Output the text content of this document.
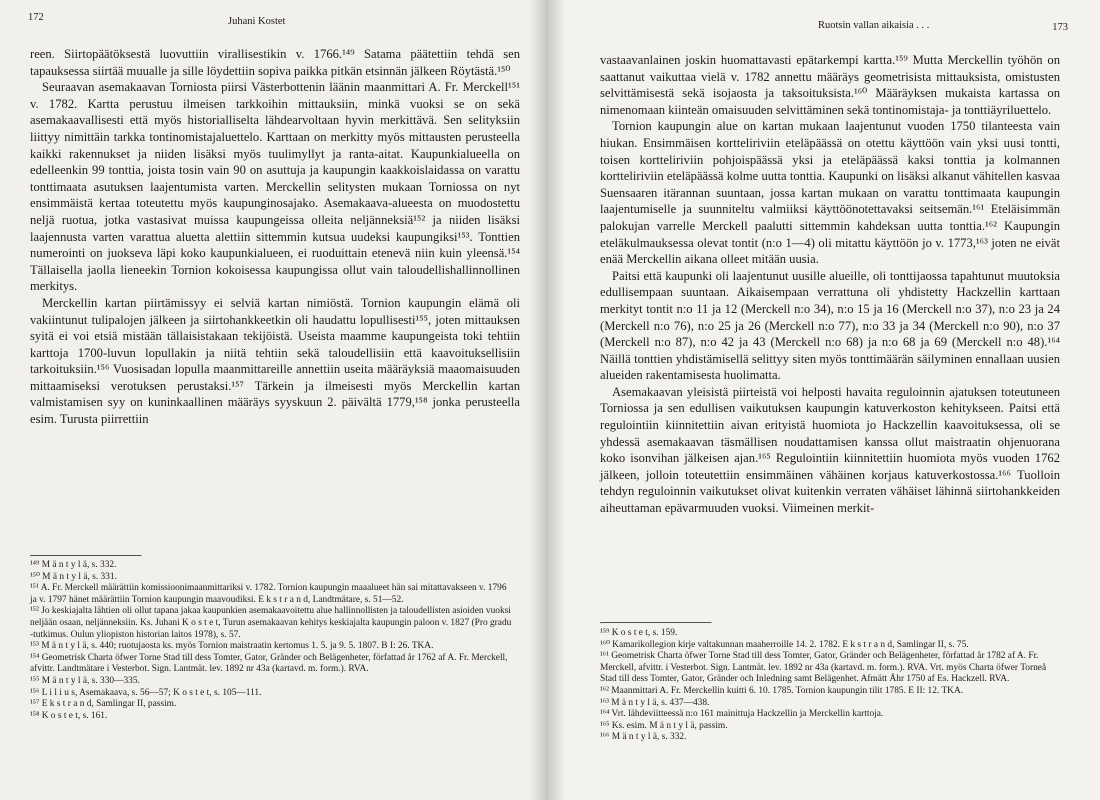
172	Juhani Kostet

reen. Siirtopäätöksestä luovuttiin virallisestikin v. 1766.¹⁴⁹ Satama päätettiin tehdä sen tapauksessa siirtää muualle ja sille löydettiin sopiva paikka pitkän etsinnän jälkeen Röytästä.¹⁵⁰

Seuraavan asemakaavan Torniosta piirsi Västerbottenin läänin maanmittari A. Fr. Merckell¹⁵¹ v. 1782. Kartta perustuu ilmeisen tarkkoihin mittauksiin, minkä vuoksi se on sekä asemakaavallisesti että myös historialliselta lähdearvoltaan hyvin merkittävä. Sen selityksiin liittyy nimittäin tarkka tontinomistajaluettelo. Karttaan on merkitty myös mittausten perusteella kaikki rakennukset ja niiden lisäksi myös tuulimyllyt ja ranta-aitat. Kaupunkialueella on edelleenkin 99 tonttia, joista tosin vain 90 on asuttuja ja kaupungin kaakkoislaidassa on varattu tonttimaata asutuksen laajentumista varten. Merckellin selitysten mukaan Torniossa on nyt ensimmäistä kertaa toteutettu myös kaupunginosajako. Asemakaava-alueesta on muodostettu neljä ruotua, jotka vastasivat muissa kaupungeissa olleita neljänneksiä¹⁵² ja niiden lisäksi laajennusta varten varattua aluetta alettiin sittemmin kutsua uudeksi kaupungiksi¹⁵³. Tonttien numerointi on juokseva läpi koko kaupunkialueen, ei ruoduittain etenevä niin kuin yleensä.¹⁵⁴ Tällaisella jaolla lieneekin Tornion kokoisessa kaupungissa ollut vain taloudellishallinnollinen merkitys.

Merckellin kartan piirtämissyy ei selviä kartan nimiöstä. Tornion kaupungin elämä oli vakiintunut tulipalojen jälkeen ja siirtohankkeetkin oli haudattu lopullisesti¹⁵⁵, joten mittauksen syitä ei voi etsiä mistään tällaisistakaan tekijöistä. Useista maamme kaupungeista toki tehtiin karttoja 1700-luvun lopullakin ja niitä tehtiin sekä taloudellisiin että kaavoituksellisiin tarkoituksiin.¹⁵⁶ Vuosisadan lopulla maanmittareille annettiin useita määräyksiä maaomaisuuden mittaamiseksi verotuksen perustaksi.¹⁵⁷ Tärkein ja ilmeisesti myös Merckellin kartan valmistamisen syy on kuninkaallinen määräys syyskuun 2. päivältä 1779,¹⁵⁸ jonka perusteella esim. Turusta piirrettiin

¹⁴⁹ M ä n t y l ä, s. 332.

¹⁵⁰ M ä n t y l ä, s. 331.

¹⁵¹ A. Fr. Merckell määrättiin komissioonimaanmittariksi v. 1782. Tornion kaupungin maaalueet hän sai mitattavakseen v. 1796 ja v. 1797 hänet määrättiin Tornion kaupungin maavoudiksi. E k s t r a n d, Landtmätare, s. 51—52.

¹⁵² Jo keskiajalta lähtien oli ollut tapana jakaa kaupunkien asemakaavoitettu alue hallinnollisten ja taloudellisten asioiden vuoksi neljään osaan, neljänneksiin. Ks. Juhani K o s t e t, Turun asemakaavan kehitys keskiajalta kaupungin paloon v. 1827 (Pro gradu -tutkimus. Oulun yliopiston historian laitos 1978), s. 57.

¹⁵³ M ä n t y l ä, s. 440; ruotujaosta ks. myös Tornion maistraatin kertomus 1. 5. ja 9. 5. 1807. B I: 26. TKA.

¹⁵⁴ Geometrisk Charta öfwer Torne Stad till dess Tomter, Gator, Gränder och Belägenheter, författad år 1762 af A. Fr. Merckell, afvittr. Landtmätare i Vesterbot. Sign. Lantmät. lev. 1892 nr 43a (kartavd. m. form.). RVA.

¹⁵⁵ M ä n t y l ä, s. 330—335.

¹⁵⁶ L i l i u s, Asemakaava, s. 56—57; K o s t e t, s. 105—111.

¹⁵⁷ E k s t r a n d, Samlingar II, passim.

¹⁵⁸ K o s t e t, s. 161.

Ruotsin vallan aikaisia . . .	173

vastaavanlainen joskin huomattavasti epätarkempi kartta.¹⁵⁹ Mutta Merckellin työhön on saattanut vaikuttaa vielä v. 1782 annettu määräys geometrisista mittauksista, omistusten selvittämisestä sekä isojaosta ja taksoituksista.¹⁶⁰ Määräyksen mukaista kartassa on nimenomaan kiinteän omaisuuden selvittäminen sekä tontinomistaja- ja tonttiäyriluettelo.

Tornion kaupungin alue on kartan mukaan laajentunut vuoden 1750 tilanteesta vain hiukan. Ensimmäisen kortteliriviin eteläpäässä on otettu käyttöön vain yksi uusi tontti, toisen kortteliriviin pohjoispäässä yksi ja eteläpäässä kaksi tonttia ja kolmannen kortteliriviin eteläpäässä kolme uutta tonttia. Kaupunki on lisäksi alkanut vähitellen kasvaa Suensaaren itärannan suuntaan, jossa kartan mukaan on varattu tonttimaata kaupungin laajentumiselle ja suunniteltu valmiiksi käyttöönotettavaksi seitsemän.¹⁶¹ Eteläisimmän palokujan varrelle Merckell paalutti sittemmin kahdeksan uutta tonttia.¹⁶² Kaupungin eteläkulmauksessa olevat tontit (n:o 1—4) oli mitattu käyttöön jo v. 1773,¹⁶³ joten ne eivät enää Merckellin aikana olleet mitään uusia.

Paitsi että kaupunki oli laajentunut uusille alueille, oli tonttijaossa tapahtunut muutoksia edullisempaan suuntaan. Aikaisempaan verrattuna oli yhdistetty Hackzellin karttaan merkityt tontit n:o 11 ja 12 (Merckell n:o 34), n:o 15 ja 16 (Merckell n:o 37), n:o 23 ja 24 (Merckell n:o 76), n:o 25 ja 26 (Merckell n:o 77), n:o 33 ja 34 (Merckell n:o 90), n:o 37 (Merckell n:o 87), n:o 42 ja 43 (Merckell n:o 68) ja n:o 68 ja 69 (Merckell n:o 48).¹⁶⁴ Näillä tonttien yhdistämisellä selittyy siten myös tonttimäärän säilyminen ennallaan uusien alueiden rakentamisesta huolimatta.

Asemakaavan yleisistä piirteistä voi helposti havaita reguloinnin ajatuksen toteutuneen Torniossa ja sen edullisen vaikutuksen kaupungin katuverkoston kehitykseen. Paitsi että regulointiin kiinnitettiin aivan erityistä huomiota jo Hackzellin kaavoituksessa, oli se yhdessä asemakaavan täsmällisen noudattamisen kanssa ollut maistraatin ohjenuorana koko isonvihan jälkeisen ajan.¹⁶⁵ Regulointiin kiinnitettiin huomiota myös vuoden 1762 jälkeen, jolloin toteutettiin ensimmäinen vähäinen korjaus katuverkostossa.¹⁶⁶ Tuolloin tehdyn reguloinnin vaikutukset olivat kuitenkin verraten vähäiset lähinnä siirtohankkeiden aiheuttaman epävarmuuden vuoksi. Viimeinen merkit-

¹⁵⁹ K o s t e t, s. 159.

¹⁶⁰ Kamarikollegion kirje valtakunnan maaherroille 14. 2. 1782. E k s t r a n d, Samlingar II, s. 75.

¹⁶¹ Geometrisk Charta öfwer Torne Stad till dess Tomter, Gator, Gränder och Belägenheter, författad år 1782 af A. Fr. Merckell, afvittr. i Vesterbot. Sign. Lantmät. lev. 1892 nr 43a (kartavd. m. form.). RVA. Vrt. myös Charta öfwer Torneå Stad till dess Tomter, Gator, Gränder och Inledning samt Belägenhet. Afmätt Åhr 1750 af Es. Hackzell. RVA.

¹⁶² Maanmittari A. Fr. Merckellin kuitti 6. 10. 1785. Tornion kaupungin tilit 1785. E II: 12. TKA.

¹⁶³ M ä n t y l ä, s. 437—438.

¹⁶⁴ Vrt. lähdeviitteessä n:o 161 mainittuja Hackzellin ja Merckellin karttoja.

¹⁶⁵ Ks. esim. M ä n t y l ä, passim.

¹⁶⁶ M ä n t y l ä, s. 332.
